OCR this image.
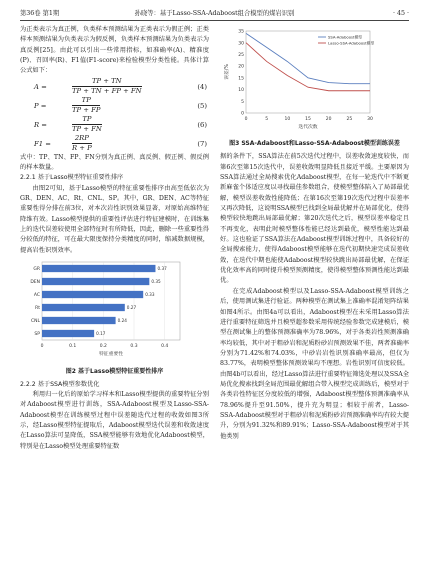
第36卷 第1期	孙晓等：基于Lasso-SSA-Adaboost组合模型的煤岩识别	· 45 ·

为正类表示为真正例，负类样本预测结果为正类表示为假正例；正类样本预测结果为负类表示为假反例，负类样本预测结果为负类表示为真反例[25]。由此可以引出一些常用指标，如准确率(A)、精准度(P)、召回率(R)、F1值(F1-score)来检验模型分类性能。具体计算公式如下：

A =	$\frac{TP + TN}{TP + TN + FP + FN}$	(4)
P =	$\frac{TP}{TP + FP}$	(5)
R =	$\frac{TP}{TP + FN}$	(6)
F1 =	$\frac{2RP}{R + P}$	(7)

式中：TP、TN、FP、FN分别为真正例、真反例、假正例、假反例的样本数量。

2.2.1 基于Lasso模型特征重要性排序

由图2可知，基于Lasso模型的特征重要性排序由高至低依次为GR、DEN、AC、Rt、CNL、SP。其中，GR、DEN、AC等特征重要性得分排在前3位，对本次岩性识别效果显著，对原始高维特征降维有效。Lasso模型提供的重要性评估进行特征建模时，在训练集上的迭代误差较使用全部特征时有所降低，因此，删除一些重要性得分较低的特征，可在最大限度保持分类精度的同时，缩减数据规模，提高岩性识别效率。

0	0.1	0.2	0.3	0.4
GR	0.37
DEN	0.35
AC	0.33
Rt	0.27
CNL	0.24
SP	0.17
特征重要性
图2 基于Lasso模型特征重要性排序

2.2.2 基于SSA模型参数优化

利用归一化后的原始学习样本和Lasso模型提供的重要特征分别对Adaboost模型进行训练，SSA-Adaboost模型及Lasso-SSA-Adaboost模型在训练模型过程中误差随迭代过程的收敛如图3所示，经Lasso模型特征提取后，Adaboost模型迭代误差和收敛速度在Lasso算法可显降低，SSA模型能够有效地优化Adaboost模型，特别是在Lasso模型处理重要特征数

0	5	10	15	20	25	30
0
5
10
15
20
25
30
35
SSA-Adaboost模型
Lasso-SSA-Adaboost模型
迭代次数
误差/%
图3 SSA-Adaboost和Lasso-SSA-Adaboost模型训练误差

据的条件下，SSA算法在前5次迭代过程中，误差收敛速度较快，而第6次至第15次迭代中，误差收敛明显降低且接近平缓。主要原因为SSA算法通过全局搜索优化Adaboost模型，在每一轮迭代中不断更新麻雀个体适应度以寻找最佳参数组合，使模型整体陷入了局部最优解，模型误差收敛性能降低；在第16次至第19次迭代过程中误差率又再次降低，这说明SSA模型已找到全局最优解并在局部优化，使得模型较快地跳出局部最优解；第20次迭代之后，模型误差率稳定且不再变化，表明此时模型整体性能已经达到最优，模型性能达到最好。这也验证了SSA算法在Adaboost模型训练过程中，具备较好的全局搜索能力，使得Adaboost模型能够在迭代初期快速完成误差收敛，在迭代中期也能使Adaboost模型较快跳出局部最优解，在保证优化效率高的同时提升模型预测精度，使得模型整体预测性能达到最优。

在完成Adaboost模型以及Lasso-SSA-Adaboost模型训练之后，使用测试集进行验证。两种模型在测试集上准确率混淆矩阵结果如图4所示。由图4a可以看出，Adaboost模型在未采用Lasso算法进行重要特征筛选并且模型超参数采用传统经验参数完成建模后，模型在测试集上的整体预测准确率为78.96%，对于各类岩性预测准确率均较低，其中对于粗砂岩和泥质粉砂岩预测效果不佳，两者准确率分别为71.42%和74.03%，中砂岩岩性识别准确率最高，但仅为83.77%，表明模型整体预测效果均不理想。岩性识别可信度较低。由图4b可以看出，经过Lasso算法进行重要特征筛选处理以及SSA全局优化搜索找到全局范围最优解组合带入模型完成训练后，模型对于各类岩性特征区分度较低的增强，Adaboost模型整体预测准确率从78.96%提升至91.50%，提升充为明显；相较于前者，Lasso-SSA-Adaboost模型对于粗砂岩和泥质粉砂岩预测准确率均有较大提升，分别为91.32%和89.91%；Lasso-SSA-Adaboost模型对于其他类别
